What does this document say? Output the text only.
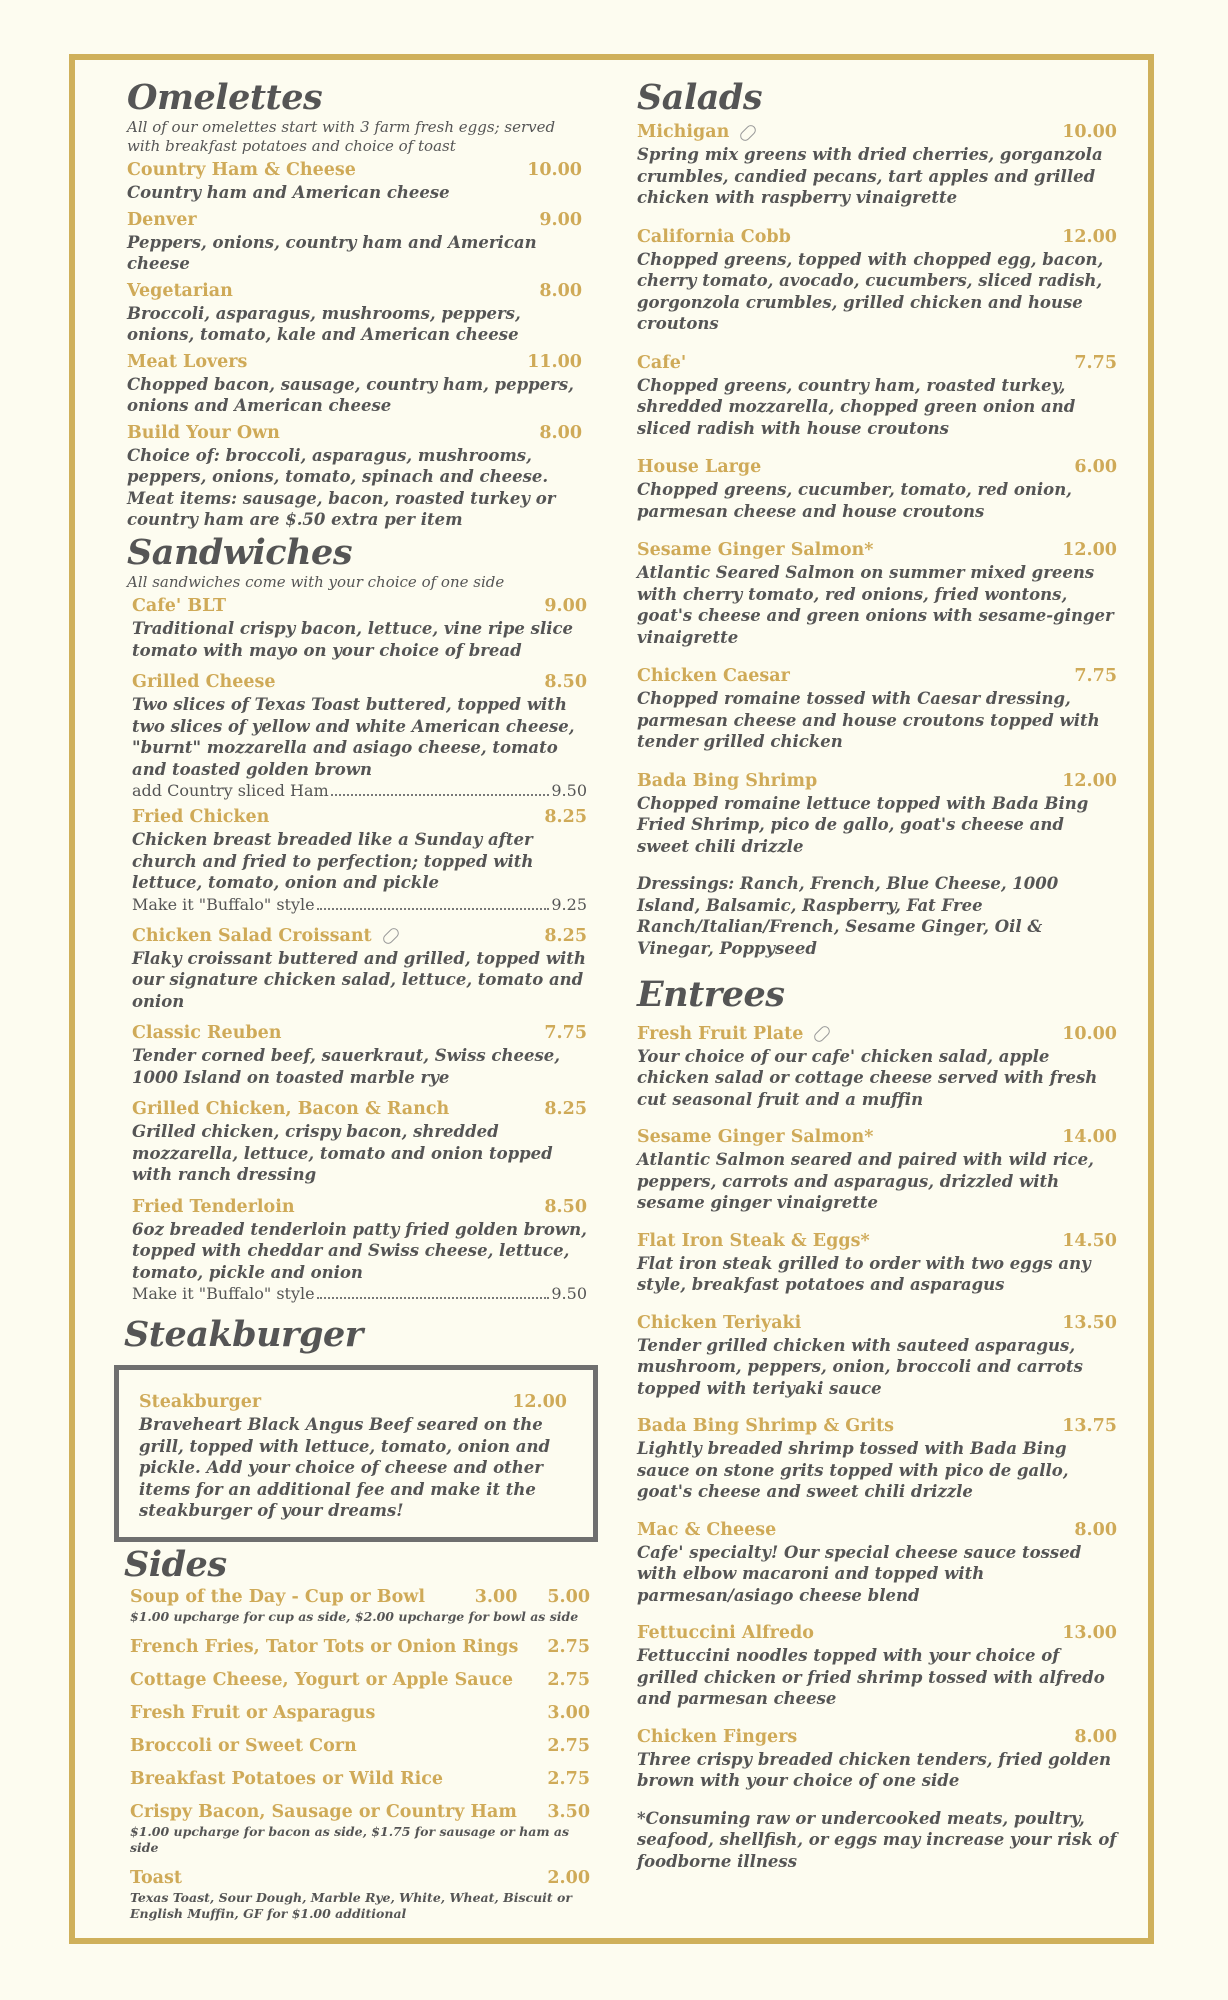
Omelettes

All of our omelettes start with 3 farm fresh eggs; served with breakfast potatoes and choice of toast

Country Ham & Cheese	10.00

Country ham and American cheese

Denver	9.00

Peppers, onions, country ham and American cheese

Vegetarian	8.00

Broccoli, asparagus, mushrooms, peppers, onions, tomato, kale and American cheese

Meat Lovers	11.00

Chopped bacon, sausage, country ham, peppers, onions and American cheese

Build Your Own	8.00

Choice of: broccoli, asparagus, mushrooms, peppers, onions, tomato, spinach and cheese. Meat items: sausage, bacon, roasted turkey or country ham are $.50 extra per item

Sandwiches

All sandwiches come with your choice of one side

Cafe' BLT	9.00

Traditional crispy bacon, lettuce, vine ripe slice tomato with mayo on your choice of bread

Grilled Cheese	8.50

Two slices of Texas Toast buttered, topped with two slices of yellow and white American cheese, "burnt" mozzarella and asiago cheese, tomato and toasted golden brown

add Country sliced Ham	9.50
Fried Chicken	8.25

Chicken breast breaded like a Sunday after church and fried to perfection; topped with lettuce, tomato, onion and pickle

Make it "Buffalo" style	9.25
Chicken Salad Croissant	8.25

Flaky croissant buttered and grilled, topped with our signature chicken salad, lettuce, tomato and onion

Classic Reuben	7.75

Tender corned beef, sauerkraut, Swiss cheese, 1000 Island on toasted marble rye

Grilled Chicken, Bacon & Ranch	8.25

Grilled chicken, crispy bacon, shredded mozzarella, lettuce, tomato and onion topped with ranch dressing

Fried Tenderloin	8.50

6oz breaded tenderloin patty fried golden brown, topped with cheddar and Swiss cheese, lettuce, tomato, pickle and onion

Make it "Buffalo" style	9.50
Steakburger
Steakburger	12.00

Braveheart Black Angus Beef seared on the grill, topped with lettuce, tomato, onion and pickle. Add your choice of cheese and other items for an additional fee and make it the steakburger of your dreams!

Sides
Soup of the Day - Cup or Bowl	3.00 5.00

$1.00 upcharge for cup as side, $2.00 upcharge for bowl as side

French Fries, Tator Tots or Onion Rings 2.75
Cottage Cheese, Yogurt or Apple Sauce 2.75
Fresh Fruit or Asparagus	3.00
Broccoli or Sweet Corn	2.75
Breakfast Potatoes or Wild Rice	2.75
Crispy Bacon, Sausage or Country Ham 3.50

$1.00 upcharge for bacon as side, $1.75 for sausage or ham as side

Toast	2.00

Texas Toast, Sour Dough, Marble Rye, White, Wheat, Biscuit or English Muffin, GF for $1.00 additional

Salads
Michigan	10.00

Spring mix greens with dried cherries, gorganzola crumbles, candied pecans, tart apples and grilled chicken with raspberry vinaigrette

California Cobb	12.00

Chopped greens, topped with chopped egg, bacon, cherry tomato, avocado, cucumbers, sliced radish, gorgonzola crumbles, grilled chicken and house croutons

Cafe'	7.75

Chopped greens, country ham, roasted turkey, shredded mozzarella, chopped green onion and sliced radish with house croutons

House Large	6.00

Chopped greens, cucumber, tomato, red onion, parmesan cheese and house croutons

Sesame Ginger Salmon*	12.00

Atlantic Seared Salmon on summer mixed greens with cherry tomato, red onions, fried wontons, goat's cheese and green onions with sesame-ginger vinaigrette

Chicken Caesar	7.75

Chopped romaine tossed with Caesar dressing, parmesan cheese and house croutons topped with tender grilled chicken

Bada Bing Shrimp	12.00

Chopped romaine lettuce topped with Bada Bing Fried Shrimp, pico de gallo, goat's cheese and sweet chili drizzle

Dressings: Ranch, French, Blue Cheese, 1000 Island, Balsamic, Raspberry, Fat Free Ranch/Italian/French, Sesame Ginger, Oil & Vinegar, Poppyseed

Entrees
Fresh Fruit Plate	10.00

Your choice of our cafe' chicken salad, apple chicken salad or cottage cheese served with fresh cut seasonal fruit and a muffin

Sesame Ginger Salmon*	14.00

Atlantic Salmon seared and paired with wild rice, peppers, carrots and asparagus, drizzled with sesame ginger vinaigrette

Flat Iron Steak & Eggs*	14.50

Flat iron steak grilled to order with two eggs any style, breakfast potatoes and asparagus

Chicken Teriyaki	13.50

Tender grilled chicken with sauteed asparagus, mushroom, peppers, onion, broccoli and carrots topped with teriyaki sauce

Bada Bing Shrimp & Grits	13.75

Lightly breaded shrimp tossed with Bada Bing sauce on stone grits topped with pico de gallo, goat's cheese and sweet chili drizzle

Mac & Cheese	8.00

Cafe' specialty! Our special cheese sauce tossed with elbow macaroni and topped with parmesan/asiago cheese blend

Fettuccini Alfredo	13.00

Fettuccini noodles topped with your choice of grilled chicken or fried shrimp tossed with alfredo and parmesan cheese

Chicken Fingers	8.00

Three crispy breaded chicken tenders, fried golden brown with your choice of one side

*Consuming raw or undercooked meats, poultry, seafood, shellfish, or eggs may increase your risk of foodborne illness
